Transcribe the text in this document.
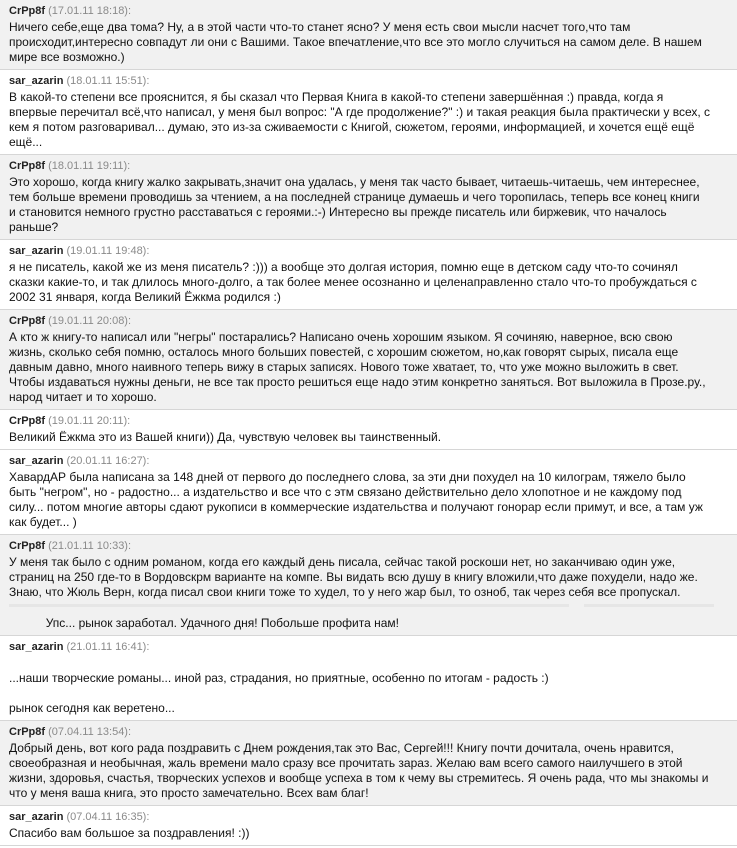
CrPp8f (17.01.11 18:18):
Ничего себе,еще два тома? Ну, а в этой части что-то станет ясно? У меня есть свои мысли насчет того,что там
происходит,интересно совпадут ли они с Вашими. Такое впечатление,что все это могло случиться на самом деле. В нашем
мире все возможно.)
sar_azarin (18.01.11 15:51):
В какой-то степени все прояснится, я бы сказал что Первая Книга в какой-то степени завершённая :) правда, когда я
впервые перечитал всё,что написал, у меня был вопрос: "А где продолжение?" :) и такая реакция была практически у всех, с
кем я потом разговаривал... думаю, это из-за сживаемости с Книгой, сюжетом, героями, информацией, и хочется ещё ещё
ещё...
CrPp8f (18.01.11 19:11):
Это хорошо, когда книгу жалко закрывать,значит она удалась, у меня так часто бывает, читаешь-читаешь, чем интереснее,
тем больше времени проводишь за чтением, а на последней странице думаешь и чего торопилась, теперь все конец книги
и становится немного грустно расставаться с героями.:-) Интересно вы прежде писатель или биржевик, что началось
раньше?
sar_azarin (19.01.11 19:48):
я не писатель, какой же из меня писатель? :))) а вообще это долгая история, помню еще в детском саду что-то сочинял
сказки какие-то, и так длилось много-долго, а так более менее осознанно и целенаправленно стало что-то пробуждаться с
2002 31 января, когда Великий Ёжкма родился :)
CrPp8f (19.01.11 20:08):
А кто ж книгу-то написал или "негры" постарались? Написано очень хорошим языком. Я сочиняю, наверное, всю свою
жизнь, сколько себя помню, осталось много больших повестей, с хорошим сюжетом, но,как говорят сырых, писала еще
давным давно, много наивного теперь вижу в старых записях. Нового тоже хватает, то, что уже можно выложить в свет.
Чтобы издаваться нужны деньги, не все так просто решиться еще надо этим конкретно заняться. Вот выложила в Прозе.ру.,
народ читает и то хорошо.
CrPp8f (19.01.11 20:11):
Великий Ёжкма это из Вашей книги)) Да, чувствую человек вы таинственный.
sar_azarin (20.01.11 16:27):
ХавардАР была написана за 148 дней от первого до последнего слова, за эти дни похудел на 10 килограм, тяжело было
быть "негром", но - радостно... а издательство и все что с этм связано действительно дело хлопотное и не каждому под
силу... потом многие авторы сдают рукописи в коммерческие издательства и получают гонорар если примут, и все, а там уж
как будет... )
CrPp8f (21.01.11 10:33):
У меня так было с одним романом, когда его каждый день писала, сейчас такой роскоши нет, но заканчиваю один уже,
страниц на 250 где-то в Вордовскрм варианте на компе. Вы видать всю душу в книгу вложили,что даже похудели, надо же.
Знаю, что Жюль Верн, когда писал свои книги тоже то худел, то у него жар был, то озноб, так через себя все пропускал.
Упс... рынок заработал. Удачного дня! Побольше профита нам!
sar_azarin (21.01.11 16:41):

...наши творческие романы... иной раз, страдания, но приятные, особенно по итогам - радость :)

рынок сегодня как веретено...
CrPp8f (07.04.11 13:54):
Добрый день, вот кого рада поздравить с Днем рождения,так это Вас, Сергей!!! Книгу почти дочитала, очень нравится,
своеобразная и необычная, жаль времени мало сразу все прочитать зараз. Желаю вам всего самого наилучшего в этой
жизни, здоровья, счастья, творческих успехов и вообще успеха в том к чему вы стремитесь. Я очень рада, что мы знакомы и
что у меня ваша книга, это просто замечательно. Всех вам благ!
sar_azarin (07.04.11 16:35):
Спасибо вам большое за поздравления! :))
